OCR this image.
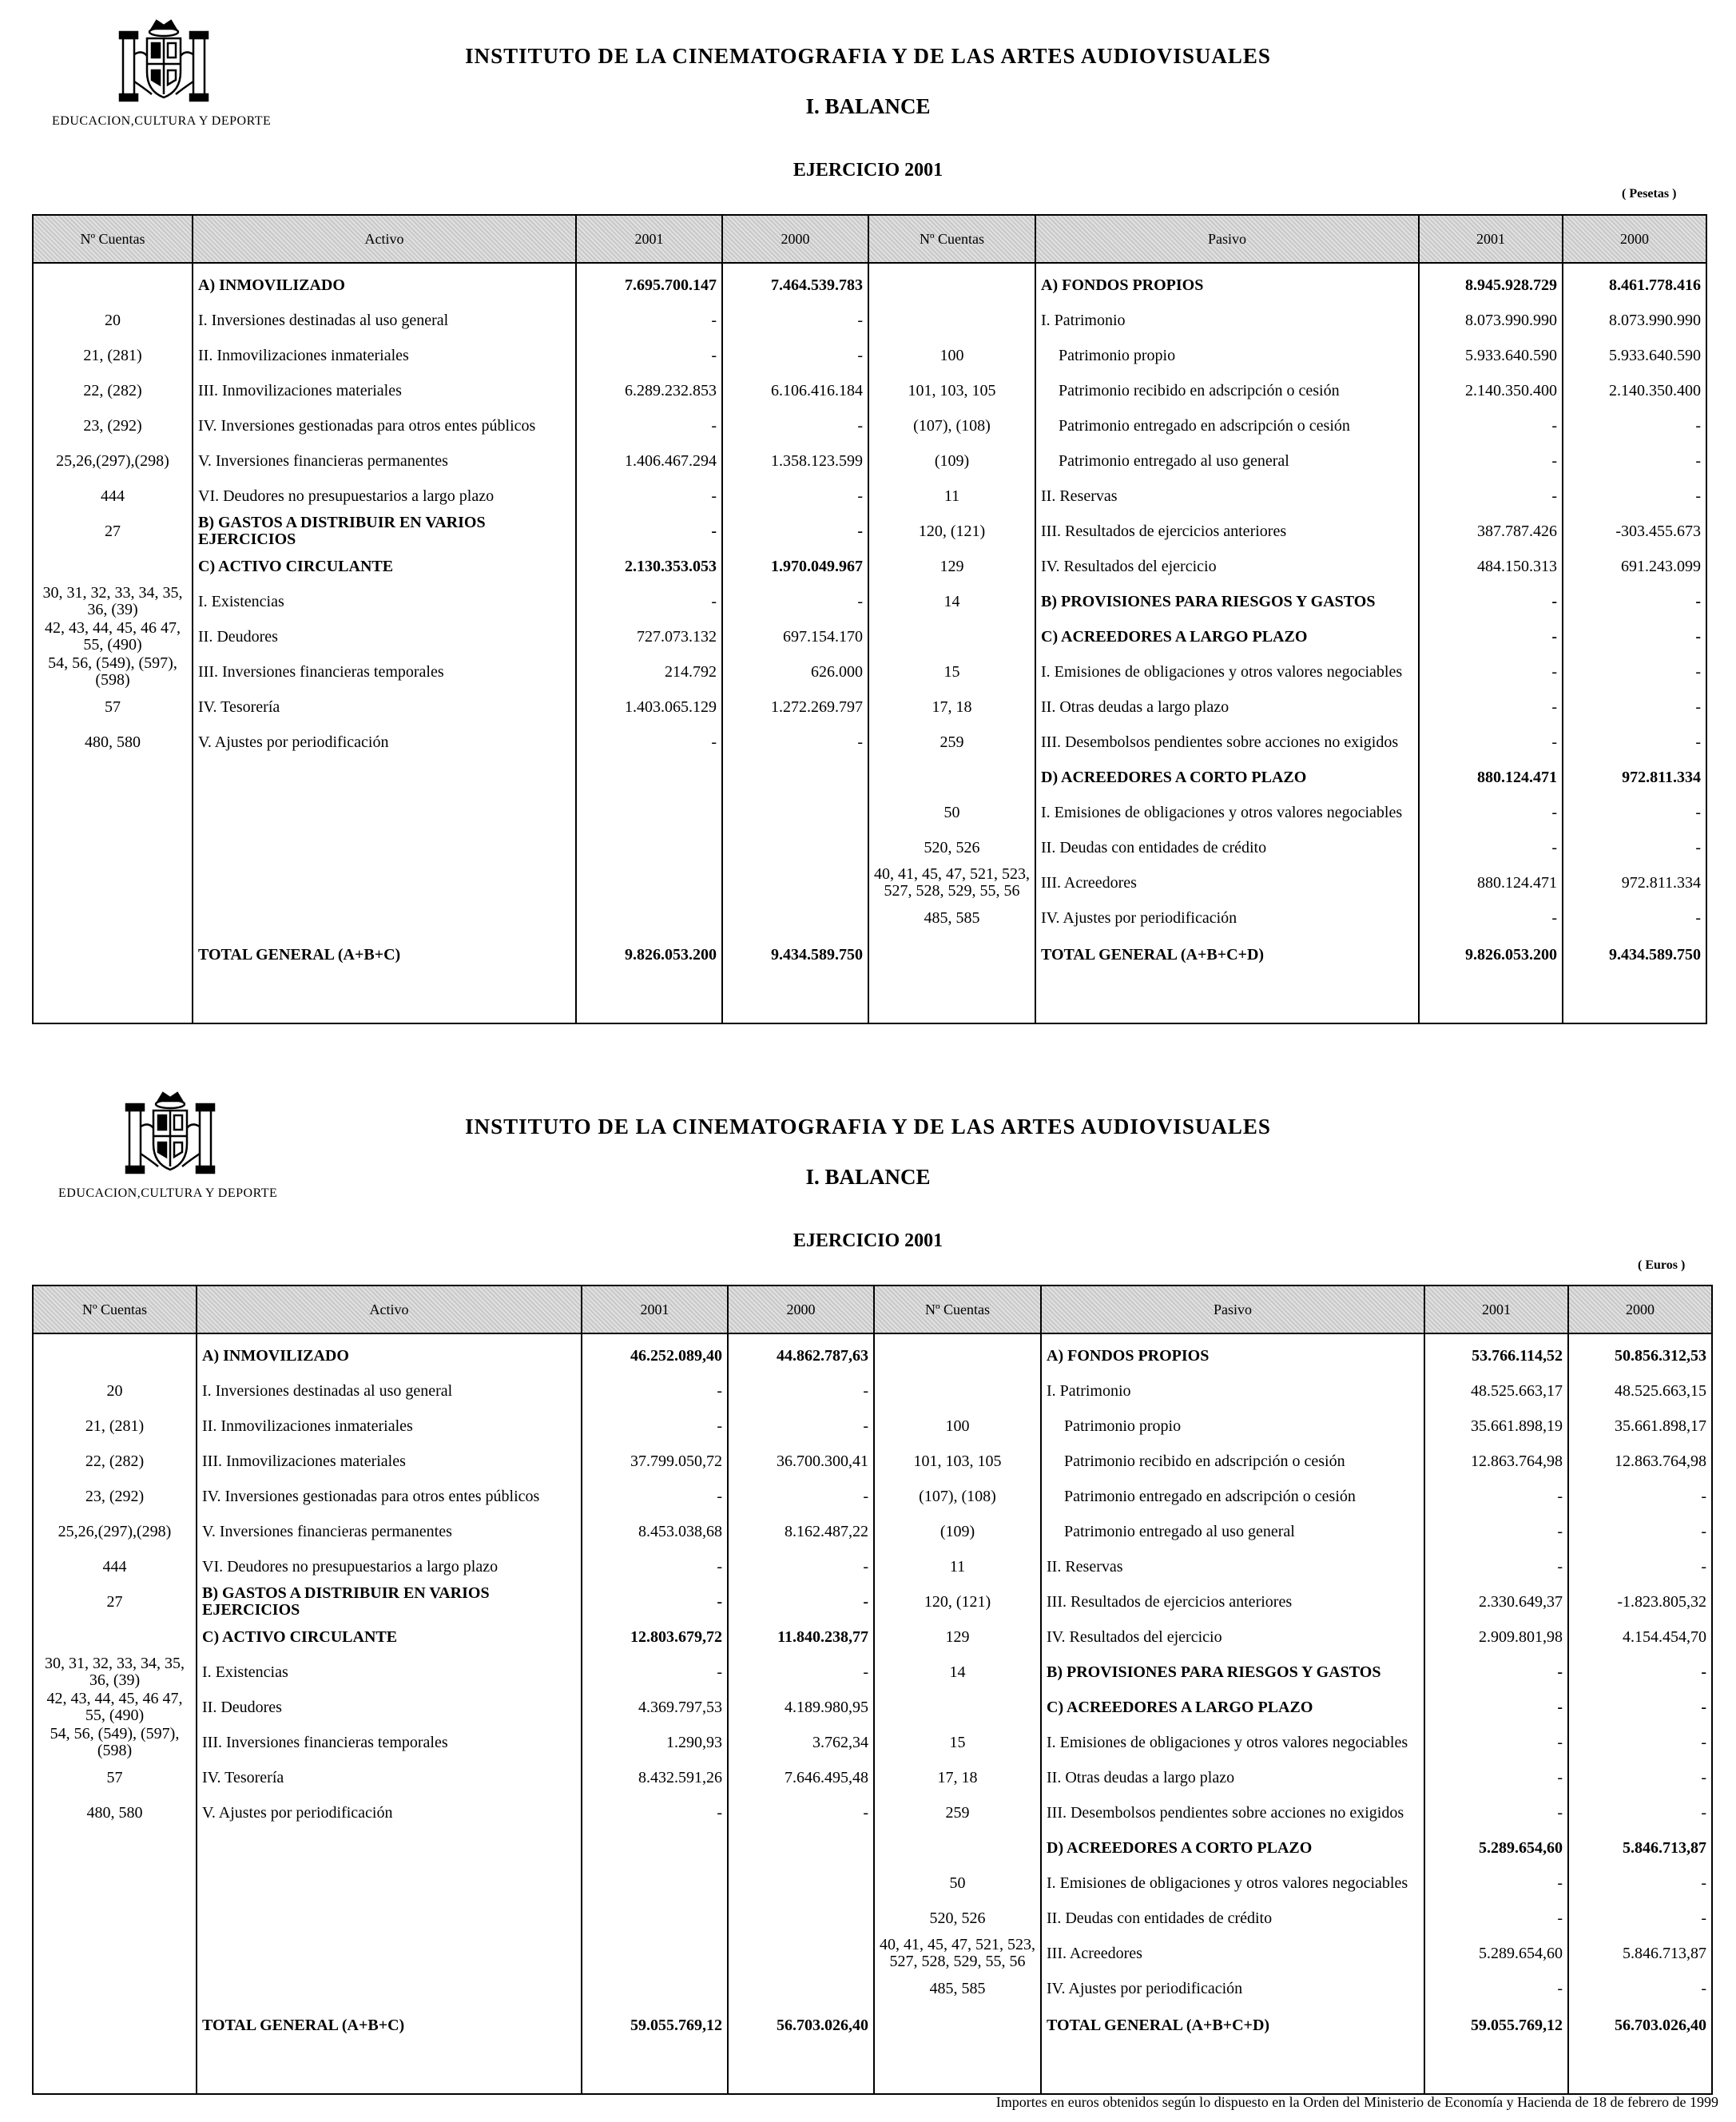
EDUCACION,CULTURA Y DEPORTE
INSTITUTO DE LA CINEMATOGRAFIA Y DE LAS ARTES AUDIOVISUALES
I. BALANCE
EJERCICIO 2001
( Pesetas )
Nº Cuentas	Activo	2001	2000	Nº Cuentas	Pasivo	2001	2000
	A) INMOVILIZADO	7.695.700.147	7.464.539.783		A) FONDOS PROPIOS	8.945.928.729	8.461.778.416
20	I. Inversiones destinadas al uso general	-	-		I. Patrimonio	8.073.990.990	8.073.990.990
21, (281)	II. Inmovilizaciones inmateriales	-	-	100	Patrimonio propio	5.933.640.590	5.933.640.590
22, (282)	III. Inmovilizaciones materiales	6.289.232.853	6.106.416.184	101, 103, 105	Patrimonio recibido en adscripción o cesión	2.140.350.400	2.140.350.400
23, (292)	IV. Inversiones gestionadas para otros entes públicos	-	-	(107), (108)	Patrimonio entregado en adscripción o cesión	-	-
25,26,(297),(298)	V. Inversiones financieras permanentes	1.406.467.294	1.358.123.599	(109)	Patrimonio entregado al uso general	-	-
444	VI. Deudores no presupuestarios a largo plazo	-	-	11	II. Reservas	-	-
27	B) GASTOS A DISTRIBUIR EN VARIOS EJERCICIOS	-	-	120, (121)	III. Resultados de ejercicios anteriores	387.787.426	-303.455.673
	C) ACTIVO CIRCULANTE	2.130.353.053	1.970.049.967	129	IV. Resultados del ejercicio	484.150.313	691.243.099
30, 31, 32, 33, 34, 35, 36, (39)	I. Existencias	-	-	14	B) PROVISIONES PARA RIESGOS Y GASTOS	-	-
42, 43, 44, 45, 46 47, 55, (490)	II. Deudores	727.073.132	697.154.170		C) ACREEDORES A LARGO PLAZO	-	-
54, 56, (549), (597), (598)	III. Inversiones financieras temporales	214.792	626.000	15	I. Emisiones de obligaciones y otros valores negociables	-	-
57	IV. Tesorería	1.403.065.129	1.272.269.797	17, 18	II. Otras deudas a largo plazo	-	-
480, 580	V. Ajustes por periodificación	-	-	259	III. Desembolsos pendientes sobre acciones no exigidos	-	-
					D) ACREEDORES A CORTO PLAZO	880.124.471	972.811.334
				50	I. Emisiones de obligaciones y otros valores negociables	-	-
				520, 526	II. Deudas con entidades de crédito	-	-
				40, 41, 45, 47, 521, 523, 527, 528, 529, 55, 56	III. Acreedores	880.124.471	972.811.334
				485, 585	IV. Ajustes por periodificación	-	-
	TOTAL GENERAL (A+B+C)	9.826.053.200	9.434.589.750		TOTAL GENERAL (A+B+C+D)	9.826.053.200	9.434.589.750
EDUCACION,CULTURA Y DEPORTE
INSTITUTO DE LA CINEMATOGRAFIA Y DE LAS ARTES AUDIOVISUALES
I. BALANCE
EJERCICIO 2001
( Euros )
Nº Cuentas	Activo	2001	2000	Nº Cuentas	Pasivo	2001	2000
	A) INMOVILIZADO	46.252.089,40	44.862.787,63		A) FONDOS PROPIOS	53.766.114,52	50.856.312,53
20	I. Inversiones destinadas al uso general	-	-		I. Patrimonio	48.525.663,17	48.525.663,15
21, (281)	II. Inmovilizaciones inmateriales	-	-	100	Patrimonio propio	35.661.898,19	35.661.898,17
22, (282)	III. Inmovilizaciones materiales	37.799.050,72	36.700.300,41	101, 103, 105	Patrimonio recibido en adscripción o cesión	12.863.764,98	12.863.764,98
23, (292)	IV. Inversiones gestionadas para otros entes públicos	-	-	(107), (108)	Patrimonio entregado en adscripción o cesión	-	-
25,26,(297),(298)	V. Inversiones financieras permanentes	8.453.038,68	8.162.487,22	(109)	Patrimonio entregado al uso general	-	-
444	VI. Deudores no presupuestarios a largo plazo	-	-	11	II. Reservas	-	-
27	B) GASTOS A DISTRIBUIR EN VARIOS EJERCICIOS	-	-	120, (121)	III. Resultados de ejercicios anteriores	2.330.649,37	-1.823.805,32
	C) ACTIVO CIRCULANTE	12.803.679,72	11.840.238,77	129	IV. Resultados del ejercicio	2.909.801,98	4.154.454,70
30, 31, 32, 33, 34, 35, 36, (39)	I. Existencias	-	-	14	B) PROVISIONES PARA RIESGOS Y GASTOS	-	-
42, 43, 44, 45, 46 47, 55, (490)	II. Deudores	4.369.797,53	4.189.980,95		C) ACREEDORES A LARGO PLAZO	-	-
54, 56, (549), (597), (598)	III. Inversiones financieras temporales	1.290,93	3.762,34	15	I. Emisiones de obligaciones y otros valores negociables	-	-
57	IV. Tesorería	8.432.591,26	7.646.495,48	17, 18	II. Otras deudas a largo plazo	-	-
480, 580	V. Ajustes por periodificación	-	-	259	III. Desembolsos pendientes sobre acciones no exigidos	-	-
					D) ACREEDORES A CORTO PLAZO	5.289.654,60	5.846.713,87
				50	I. Emisiones de obligaciones y otros valores negociables	-	-
				520, 526	II. Deudas con entidades de crédito	-	-
				40, 41, 45, 47, 521, 523, 527, 528, 529, 55, 56	III. Acreedores	5.289.654,60	5.846.713,87
				485, 585	IV. Ajustes por periodificación	-	-
	TOTAL GENERAL (A+B+C)	59.055.769,12	56.703.026,40		TOTAL GENERAL (A+B+C+D)	59.055.769,12	56.703.026,40
Importes en euros obtenidos según lo dispuesto en la Orden del Ministerio de Economía y Hacienda de 18 de febrero de 1999
